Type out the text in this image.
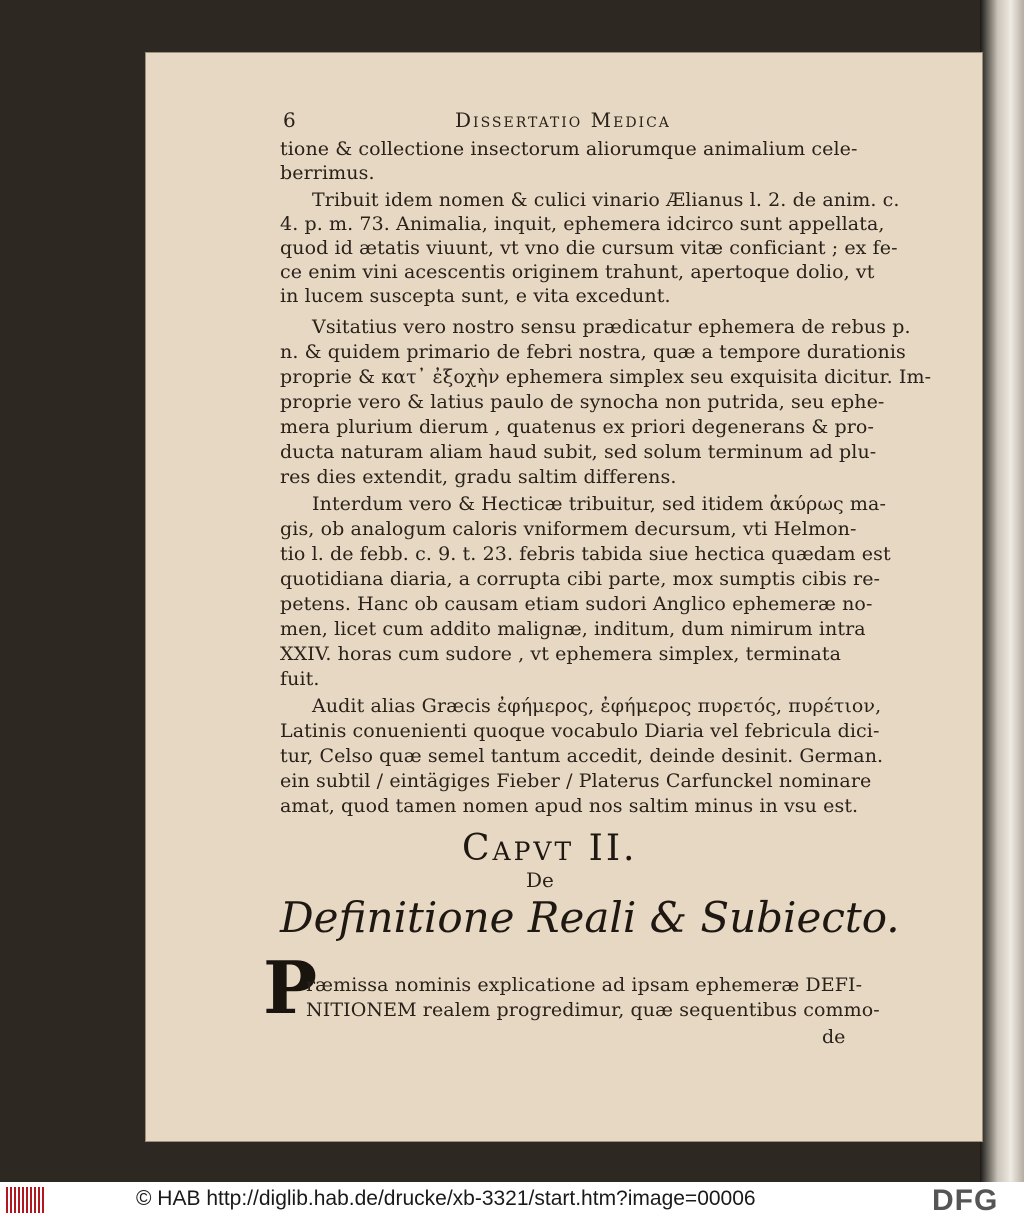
6	Dissertatio Medica
tione & collectione insectorum aliorumque animalium cele-
berrimus.
Tribuit idem nomen & culici vinario Ælianus l. 2. de anim. c.
4. p. m. 73. Animalia, inquit, ephemera idcirco sunt appellata,
quod id ætatis viuunt, vt vno die cursum vitæ conficiant ; ex fe-
ce enim vini acescentis originem trahunt, apertoque dolio, vt
in lucem suscepta sunt, e vita excedunt.
Vsitatius vero nostro sensu prædicatur ephemera de rebus p.
n. & quidem primario de febri nostra, quæ a tempore durationis
proprie & κατ᾽ ἐξοχὴν ephemera simplex seu exquisita dicitur. Im-
proprie vero & latius paulo de synocha non putrida, seu ephe-
mera plurium dierum , quatenus ex priori degenerans & pro-
ducta naturam aliam haud subit, sed solum terminum ad plu-
res dies extendit, gradu saltim differens.
Interdum vero & Hecticæ tribuitur, sed itidem ἀκύρως ma-
gis, ob analogum caloris vniformem decursum, vti Helmon-
tio l. de febb. c. 9. t. 23. febris tabida siue hectica quædam est
quotidiana diaria, a corrupta cibi parte, mox sumptis cibis re-
petens. Hanc ob causam etiam sudori Anglico ephemeræ no-
men, licet cum addito malignæ, inditum, dum nimirum intra
XXIV. horas cum sudore , vt ephemera simplex, terminata
fuit.
Audit alias Græcis ἐφήμερος, ἐφήμερος πυρετός, πυρέτιον,
Latinis conuenienti quoque vocabulo Diaria vel febricula dici-
tur, Celso quæ semel tantum accedit, deinde desinit. German.
ein subtil / eintägiges Fieber / Platerus Carfunckel nominare
amat, quod tamen nomen apud nos saltim minus in vsu est.
Capvt II.
De
Definitione Reali & Subiecto.
P
ræmissa nominis explicatione ad ipsam ephemeræ DEFI-
NITIONEM realem progredimur, quæ sequentibus commo-
de
© HAB http://diglib.hab.de/drucke/xb-3321/start.htm?image=00006	DFG
